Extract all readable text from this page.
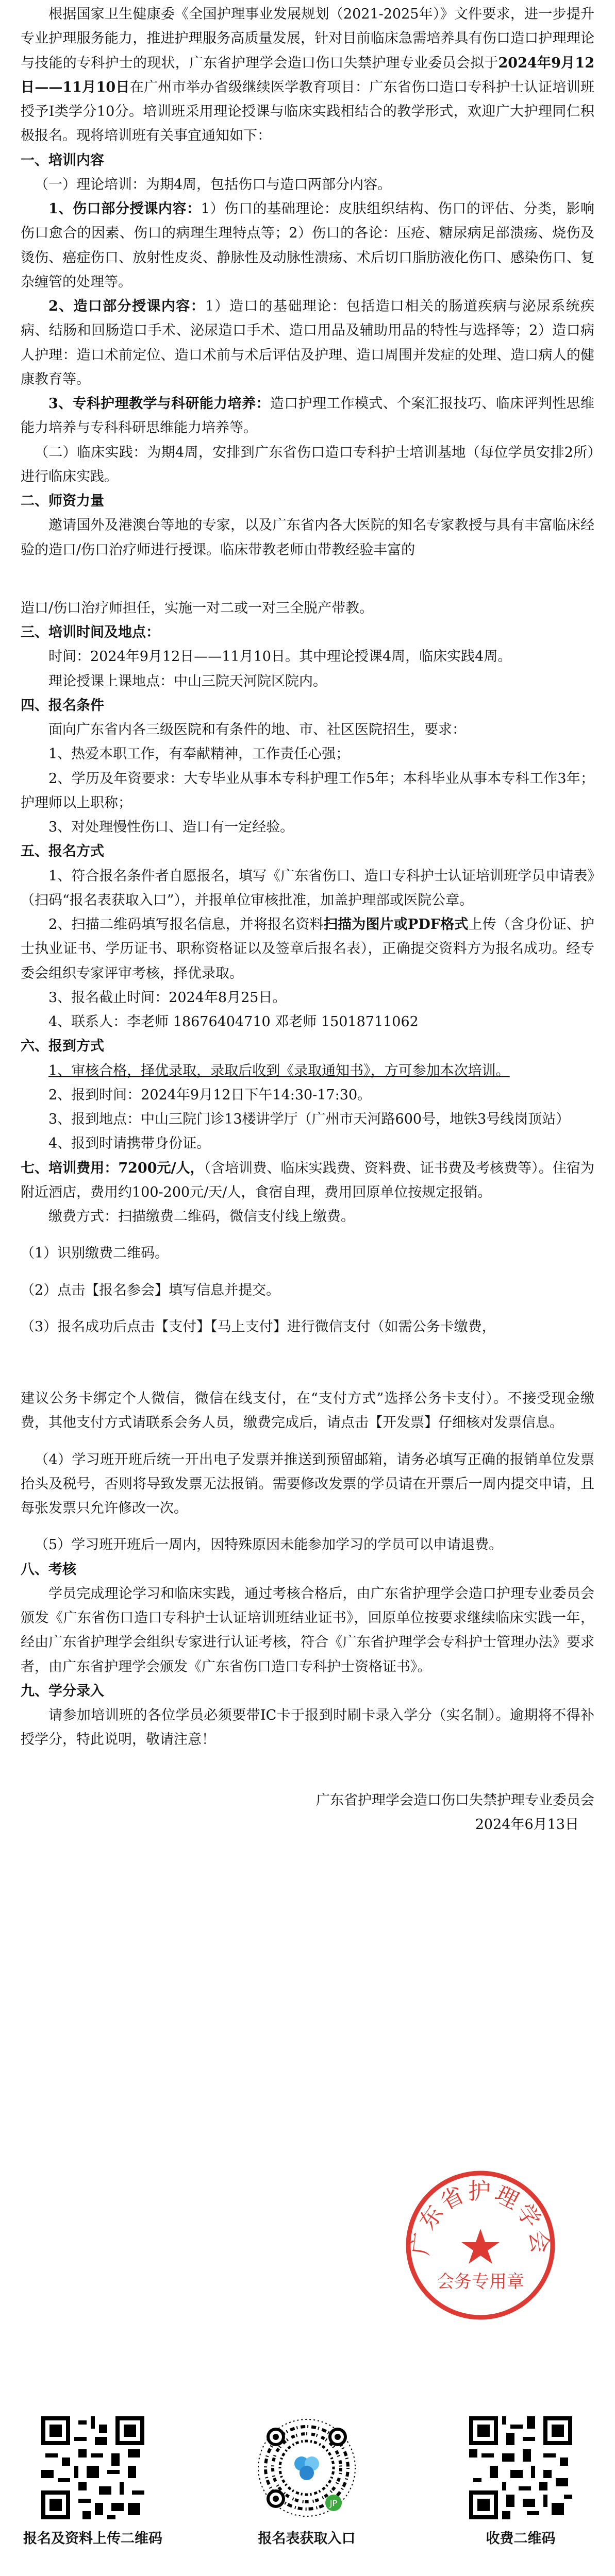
根据国家卫生健康委《全国护理事业发展规划（2021-2025年）》文件要求，进一步提升专业护理服务能力，推进护理服务高质量发展，针对目前临床急需培养具有伤口造口护理理论与技能的专科护士的现状，广东省护理学会造口伤口失禁护理专业委员会拟于2024年9月12日——11月10日在广州市举办省级继续医学教育项目：广东省伤口造口专科护士认证培训班 授予Ⅰ类学分10分。培训班采用理论授课与临床实践相结合的教学形式，欢迎广大护理同仁积极报名。现将培训班有关事宜通知如下：

一、培训内容

（一）理论培训：为期4周，包括伤口与造口两部分内容。

1、伤口部分授课内容：1）伤口的基础理论：皮肤组织结构、伤口的评估、分类，影响伤口愈合的因素、伤口的病理生理特点等；2）伤口的各论：压疮、糖尿病足部溃疡、烧伤及烫伤、癌症伤口、放射性皮炎、静脉性及动脉性溃疡、术后切口脂肪液化伤口、感染伤口、复杂缠管的处理等。

2、造口部分授课内容：1）造口的基础理论：包括造口相关的肠道疾病与泌尿系统疾病、结肠和回肠造口手术、泌尿造口手术、造口用品及辅助用品的特性与选择等；2）造口病人护理：造口术前定位、造口术前与术后评估及护理、造口周围并发症的处理、造口病人的健康教育等。

3、专科护理教学与科研能力培养：造口护理工作模式、个案汇报技巧、临床评判性思维能力培养与专科科研思维能力培养等。

（二）临床实践：为期4周，安排到广东省伤口造口专科护士培训基地（每位学员安排2所）进行临床实践。

二、师资力量

邀请国外及港澳台等地的专家，以及广东省内各大医院的知名专家教授与具有丰富临床经验的造口/伤口治疗师进行授课。临床带教老师由带教经验丰富的

造口/伤口治疗师担任，实施一对二或一对三全脱产带教。

三、培训时间及地点：

时间：2024年9月12日——11月10日。其中理论授课4周，临床实践4周。

理论授课上课地点：中山三院天河院区院内。

四、报名条件

面向广东省内各三级医院和有条件的地、市、社区医院招生，要求：

1、热爱本职工作，有奉献精神，工作责任心强；

2、学历及年资要求：大专毕业从事本专科护理工作5年；本科毕业从事本专科工作3年；护理师以上职称；

3、对处理慢性伤口、造口有一定经验。

五、报名方式

1、符合报名条件者自愿报名，填写《广东省伤口、造口专科护士认证培训班学员申请表》（扫码“报名表获取入口”），并报单位审核批准，加盖护理部或医院公章。

2、扫描二维码填写报名信息，并将报名资料扫描为图片或PDF格式上传（含身份证、护士执业证书、学历证书、职称资格证以及签章后报名表），正确提交资料方为报名成功。经专委会组织专家评审考核，择优录取。

3、报名截止时间：2024年8月25日。

4、联系人：李老师 18676404710 邓老师 15018711062

六、报到方式

1、审核合格，择优录取，录取后收到《录取通知书》，方可参加本次培训。

2、报到时间：2024年9月12日下午14:30-17:30。

3、报到地点：中山三院门诊13楼讲学厅（广州市天河路600号，地铁3号线岗顶站）

4、报到时请携带身份证。

七、培训费用：7200元/人，（含培训费、临床实践费、资料费、证书费及考核费等）。住宿为附近酒店，费用约100-200元/天/人，食宿自理，费用回原单位按规定报销。

缴费方式：扫描缴费二维码，微信支付线上缴费。

（1）识别缴费二维码。

（2）点击【报名参会】填写信息并提交。

（3）报名成功后点击【支付】【马上支付】进行微信支付（如需公务卡缴费，

建议公务卡绑定个人微信，微信在线支付，在“支付方式”选择公务卡支付）。不接受现金缴费，其他支付方式请联系会务人员，缴费完成后，请点击【开发票】仔细核对发票信息。

（4）学习班开班后统一开出电子发票并推送到预留邮箱，请务必填写正确的报销单位发票抬头及税号，否则将导致发票无法报销。需要修改发票的学员请在开票后一周内提交申请，且每张发票只允许修改一次。

（5）学习班开班后一周内，因特殊原因未能参加学习的学员可以申请退费。

八、考核

学员完成理论学习和临床实践，通过考核合格后，由广东省护理学会造口护理专业委员会颁发《广东省伤口造口专科护士认证培训班结业证书》，回原单位按要求继续临床实践一年，经由广东省护理学会组织专家进行认证考核，符合《广东省护理学会专科护士管理办法》要求者，由广东省护理学会颁发《广东省伤口造口专科护士资格证书》。

九、学分录入

请参加培训班的各位学员必须要带IC卡于报到时刷卡录入学分（实名制）。逾期将不得补授学分，特此说明，敬请注意！

广东省护理学会造口伤口失禁护理专业委员会

2024年6月13日

广东省护理学会
会务专用章
报名及资料上传二维码
JP
报名表获取入口	收费二维码
